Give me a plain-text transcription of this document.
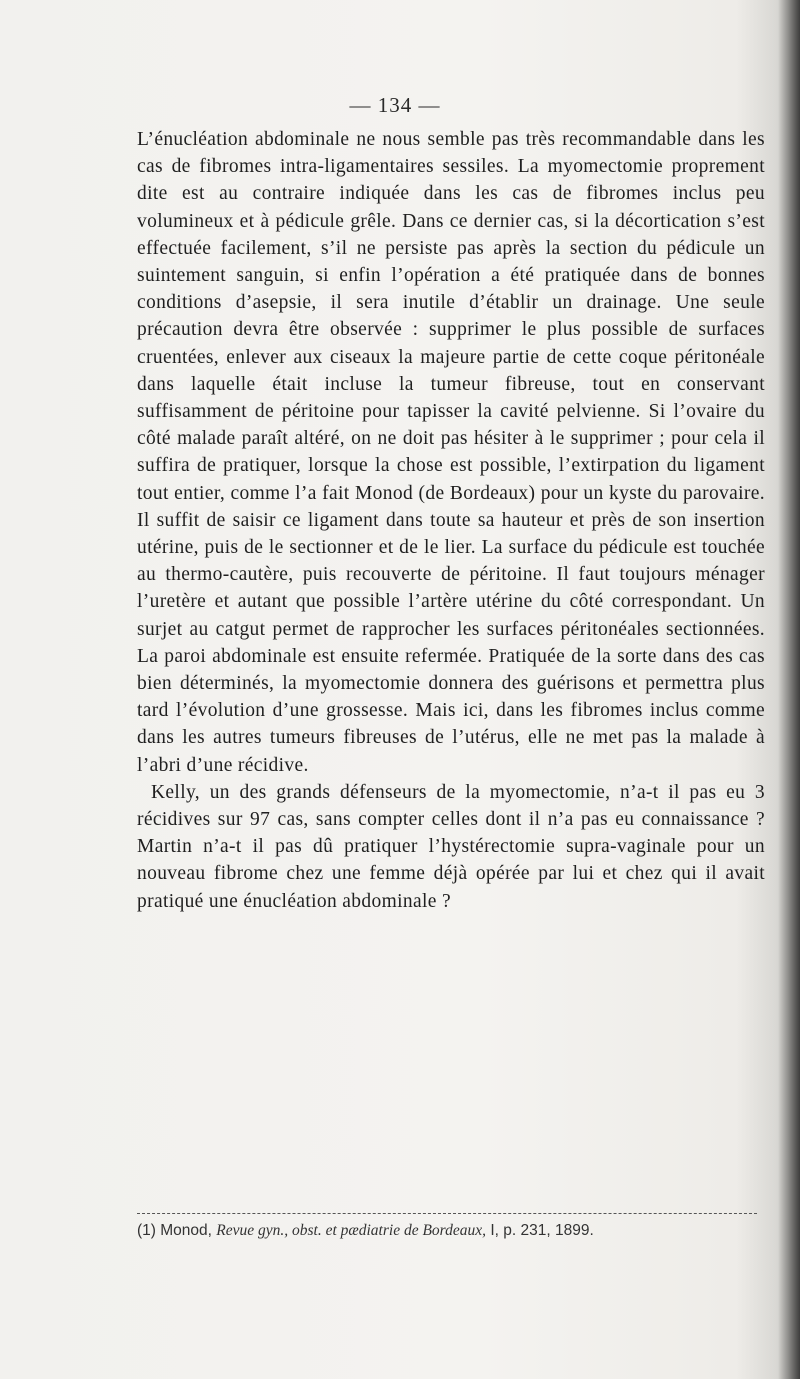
— 134 —

L’énucléation abdominale ne nous semble pas très recommandable dans les cas de fibromes intra-ligamentaires sessiles. La myomectomie proprement dite est au contraire indiquée dans les cas de fibromes inclus peu volumineux et à pédicule grêle. Dans ce dernier cas, si la décortication s’est effectuée facilement, s’il ne persiste pas après la section du pédicule un suintement sanguin, si enfin l’opération a été pratiquée dans de bonnes conditions d’asepsie, il sera inutile d’établir un drainage. Une seule précaution devra être observée : supprimer le plus possible de surfaces cruentées, enlever aux ciseaux la majeure partie de cette coque péritonéale dans laquelle était incluse la tumeur fibreuse, tout en conservant suffisamment de péritoine pour tapisser la cavité pelvienne. Si l’ovaire du côté malade paraît altéré, on ne doit pas hésiter à le supprimer ; pour cela il suffira de pratiquer, lorsque la chose est possible, l’extirpation du ligament tout entier, comme l’a fait Monod (de Bordeaux) pour un kyste du parovaire. Il suffit de saisir ce ligament dans toute sa hauteur et près de son insertion utérine, puis de le sectionner et de le lier. La surface du pédicule est touchée au thermo-cautère, puis recouverte de péritoine. Il faut toujours ménager l’uretère et autant que possible l’artère utérine du côté correspondant. Un surjet au catgut permet de rapprocher les surfaces péritonéales sectionnées. La paroi abdominale est ensuite refermée. Pratiquée de la sorte dans des cas bien déterminés, la myomectomie donnera des guérisons et permettra plus tard l’évolution d’une grossesse. Mais ici, dans les fibromes inclus comme dans les autres tumeurs fibreuses de l’utérus, elle ne met pas la malade à l’abri d’une récidive.

Kelly, un des grands défenseurs de la myomectomie, n’a-t il pas eu 3 récidives sur 97 cas, sans compter celles dont il n’a pas eu connaissance ? Martin n’a-t il pas dû pratiquer l’hystérectomie supra-vaginale pour un nouveau fibrome chez une femme déjà opérée par lui et chez qui il avait pratiqué une énucléation abdominale ?

(1) Monod, Revue gyn., obst. et pædiatrie de Bordeaux, I, p. 231, 1899.
